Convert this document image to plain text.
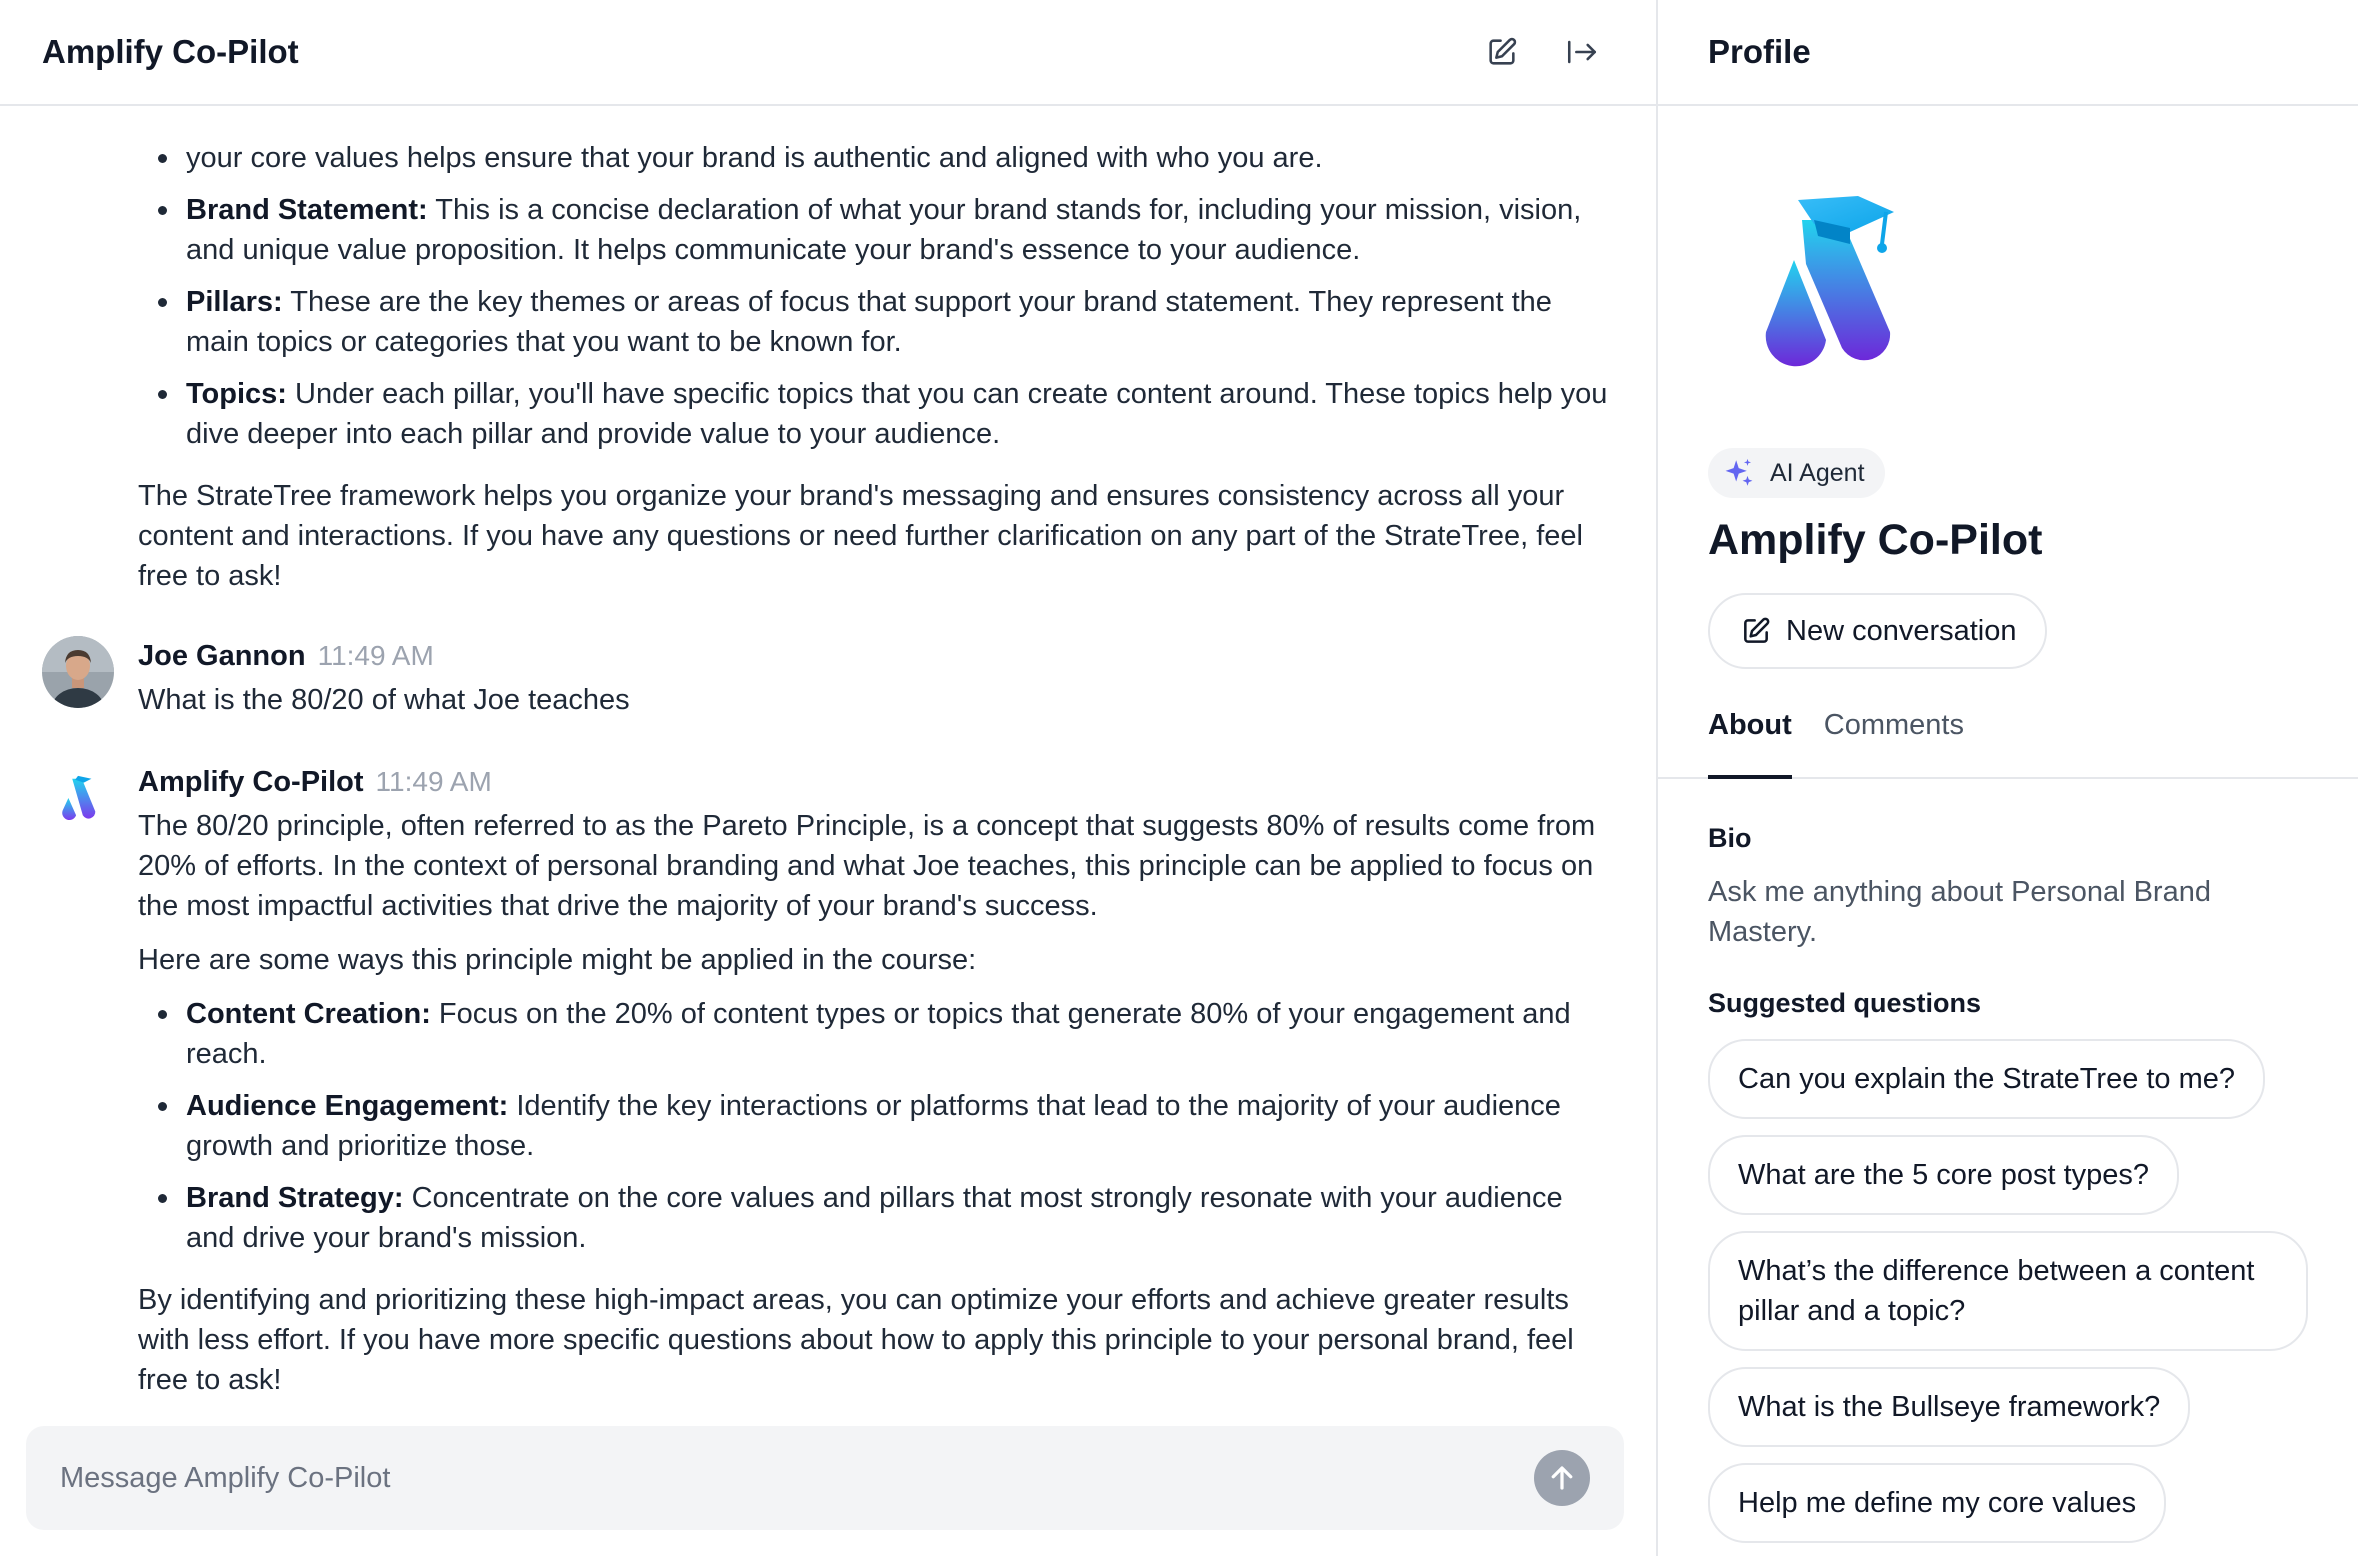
Amplify Co-Pilot
your core values helps ensure that your brand is authentic and aligned with who you are.
Brand Statement: This is a concise declaration of what your brand stands for, including your mission, vision, and unique value proposition. It helps communicate your brand's essence to your audience.
Pillars: These are the key themes or areas of focus that support your brand statement. They represent the main topics or categories that you want to be known for.
Topics: Under each pillar, you'll have specific topics that you can create content around. These topics help you dive deeper into each pillar and provide value to your audience.

The StrateTree framework helps you organize your brand's messaging and ensures consistency across all your content and interactions. If you have any questions or need further clarification on any part of the StrateTree, feel free to ask!

Joe Gannon 11:49 AM

What is the 80/20 of what Joe teaches

Amplify Co-Pilot 11:49 AM

The 80/20 principle, often referred to as the Pareto Principle, is a concept that suggests 80% of results come from 20% of efforts. In the context of personal branding and what Joe teaches, this principle can be applied to focus on the most impactful activities that drive the majority of your brand's success.

Here are some ways this principle might be applied in the course:

Content Creation: Focus on the 20% of content types or topics that generate 80% of your engagement and reach.
Audience Engagement: Identify the key interactions or platforms that lead to the majority of your audience growth and prioritize those.
Brand Strategy: Concentrate on the core values and pillars that most strongly resonate with your audience and drive your brand's mission.

By identifying and prioritizing these high-impact areas, you can optimize your efforts and achieve greater results with less effort. If you have more specific questions about how to apply this principle to your personal brand, feel free to ask!

Message Amplify Co-Pilot
Profile
AI Agent
Amplify Co-Pilot
New conversation
About Comments
Bio
Ask me anything about Personal Brand Mastery.
Suggested questions
Can you explain the StrateTree to me?
What are the 5 core post types?
What’s the difference between a content pillar and a topic?
What is the Bullseye framework?
Help me define my core values
